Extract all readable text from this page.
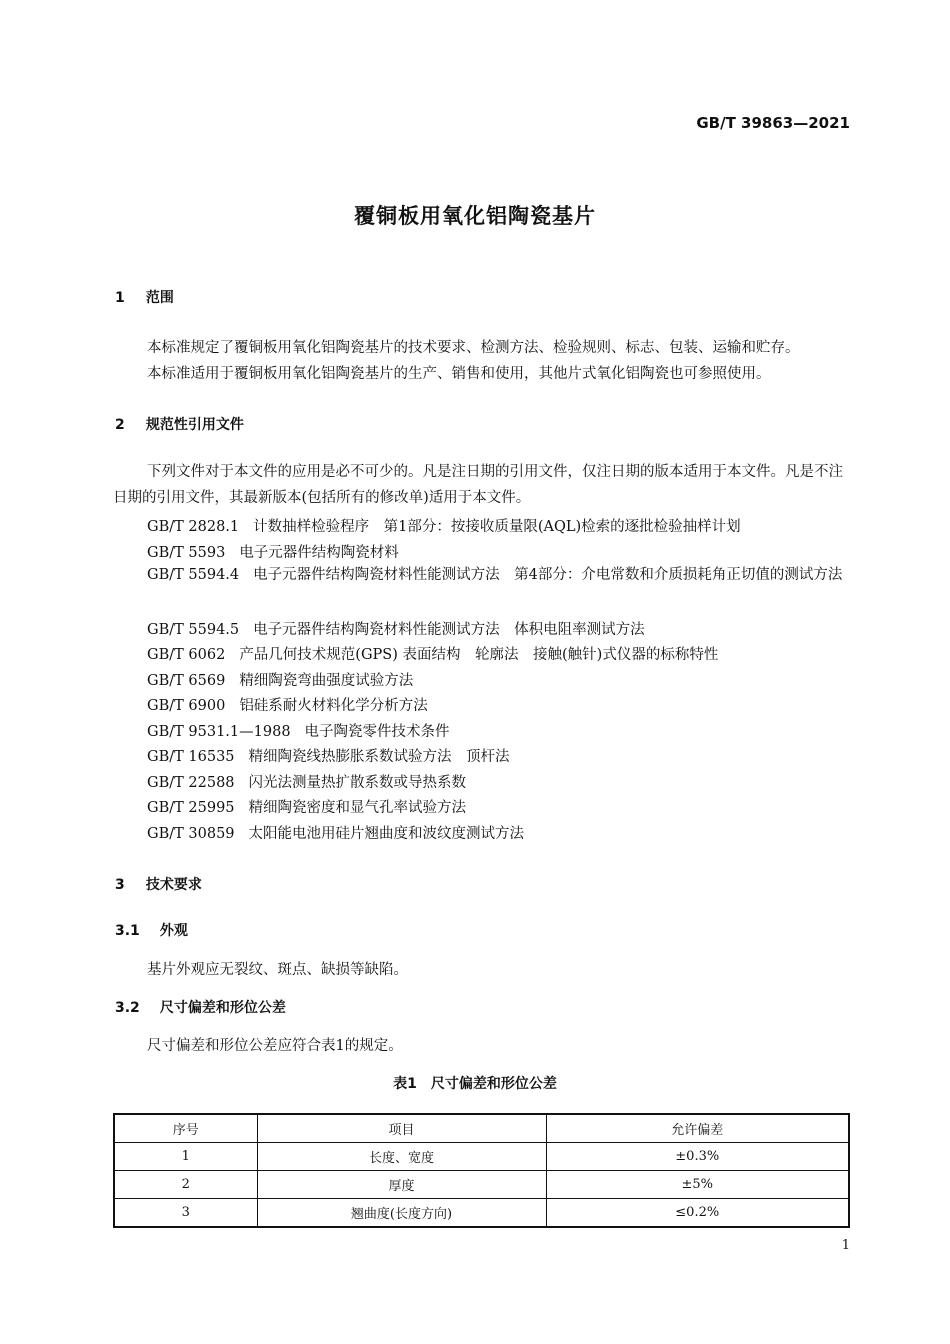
GB/T 39863—2021
覆铜板用氧化铝陶瓷基片
1 范围
本标准规定了覆铜板用氧化铝陶瓷基片的技术要求、检测方法、检验规则、标志、包装、运输和贮存。
本标准适用于覆铜板用氧化铝陶瓷基片的生产、销售和使用，其他片式氧化铝陶瓷也可参照使用。
2 规范性引用文件
下列文件对于本文件的应用是必不可少的。凡是注日期的引用文件，仅注日期的版本适用于本文件。凡是不注日期的引用文件，其最新版本(包括所有的修改单)适用于本文件。
GB/T 2828.1 计数抽样检验程序　第1部分：按接收质量限(AQL)检索的逐批检验抽样计划
GB/T 5593 电子元器件结构陶瓷材料
GB/T 5594.4 电子元器件结构陶瓷材料性能测试方法　第4部分：介电常数和介质损耗角正切值的测试方法
GB/T 5594.5 电子元器件结构陶瓷材料性能测试方法　体积电阻率测试方法
GB/T 6062 产品几何技术规范(GPS) 表面结构　轮廓法　接触(触针)式仪器的标称特性
GB/T 6569 精细陶瓷弯曲强度试验方法
GB/T 6900 铝硅系耐火材料化学分析方法
GB/T 9531.1—1988 电子陶瓷零件技术条件
GB/T 16535 精细陶瓷线热膨胀系数试验方法　顶杆法
GB/T 22588 闪光法测量热扩散系数或导热系数
GB/T 25995 精细陶瓷密度和显气孔率试验方法
GB/T 30859 太阳能电池用硅片翘曲度和波纹度测试方法
3 技术要求
3.1 外观
基片外观应无裂纹、斑点、缺损等缺陷。
3.2 尺寸偏差和形位公差
尺寸偏差和形位公差应符合表1的规定。
表1　尺寸偏差和形位公差
序号	项目	允许偏差
1	长度、宽度	±0.3%
2	厚度	±5%
3	翘曲度(长度方向)	≤0.2%
1
